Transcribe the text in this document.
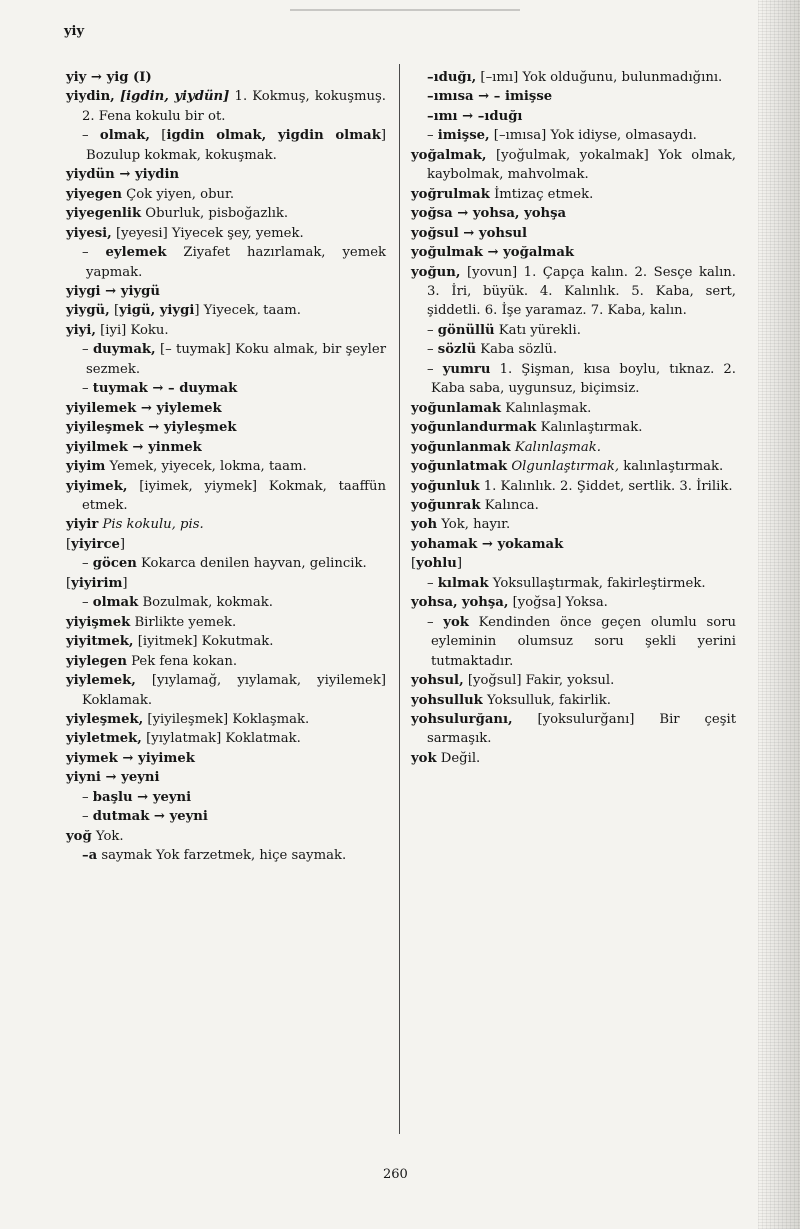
yiy

yiy → yig (I)

yiydin, [igdin, yiydün] 1. Kokmuş, kokuşmuş. 2. Fena kokulu bir ot.

– olmak, [igdin olmak, yigdin olmak] Bozulup kokmak, kokuşmak.

yiydün → yiydin

yiyegen Çok yiyen, obur.

yiyegenlik Oburluk, pisboğazlık.

yiyesi, [yeyesi] Yiyecek şey, yemek.

– eylemek Ziyafet hazırlamak, yemek yapmak.

yiygi → yiygü

yiygü, [yigü, yiygi] Yiyecek, taam.

yiyi, [iyi] Koku.

– duymak, [– tuymak] Koku almak, bir şeyler sezmek.

– tuymak → – duymak

yiyilemek → yiylemek

yiyileşmek → yiyleşmek

yiyilmek → yinmek

yiyim Yemek, yiyecek, lokma, taam.

yiyimek, [iyimek, yiymek] Kokmak, taaffün etmek.

yiyir Pis kokulu, pis.

[yiyirce]

– göcen Kokarca denilen hayvan, gelincik.

[yiyirim]

– olmak Bozulmak, kokmak.

yiyişmek Birlikte yemek.

yiyitmek, [iyitmek] Kokutmak.

yiylegen Pek fena kokan.

yiylemek, [yıylamağ, yıylamak, yiyilemek] Koklamak.

yiyleşmek, [yiyileşmek] Koklaşmak.

yiyletmek, [yıylatmak] Koklatmak.

yiymek → yiyimek

yiyni → yeyni

– başlu → yeyni

– dutmak → yeyni

yoğ Yok.

–a saymak Yok farzetmek, hiçe saymak.

–ıduğı, [–ımı] Yok olduğunu, bulunmadığını.

–ımısa → – imişse

–ımı → –ıduğı

– imişse, [–ımısa] Yok idiyse, olmasaydı.

yoğalmak, [yoğulmak, yokalmak] Yok olmak, kaybolmak, mahvolmak.

yoğrulmak İmtizaç etmek.

yoğsa → yohsa, yohşa

yoğsul → yohsul

yoğulmak → yoğalmak

yoğun, [yovun] 1. Çapça kalın. 2. Sesçe kalın. 3. İri, büyük. 4. Kalınlık. 5. Kaba, sert, şiddetli. 6. İşe yaramaz. 7. Kaba, kalın.

– gönüllü Katı yürekli.

– sözlü Kaba sözlü.

– yumru 1. Şişman, kısa boylu, tıknaz. 2. Kaba saba, uygunsuz, biçimsiz.

yoğunlamak Kalınlaşmak.

yoğunlandurmak Kalınlaştırmak.

yoğunlanmak Kalınlaşmak.

yoğunlatmak Olgunlaştırmak, kalınlaştırmak.

yoğunluk 1. Kalınlık. 2. Şiddet, sertlik. 3. İrilik.

yoğunrak Kalınca.

yoh Yok, hayır.

yohamak → yokamak

[yohlu]

– kılmak Yoksullaştırmak, fakirleştirmek.

yohsa, yohşa, [yoğsa] Yoksa.

– yok Kendinden önce geçen olumlu soru eyleminin olumsuz soru şekli yerini tutmaktadır.

yohsul, [yoğsul] Fakir, yoksul.

yohsulluk Yoksulluk, fakirlik.

yohsulurğanı, [yoksulurğanı] Bir çeşit sarmaşık.

yok Değil.

260
